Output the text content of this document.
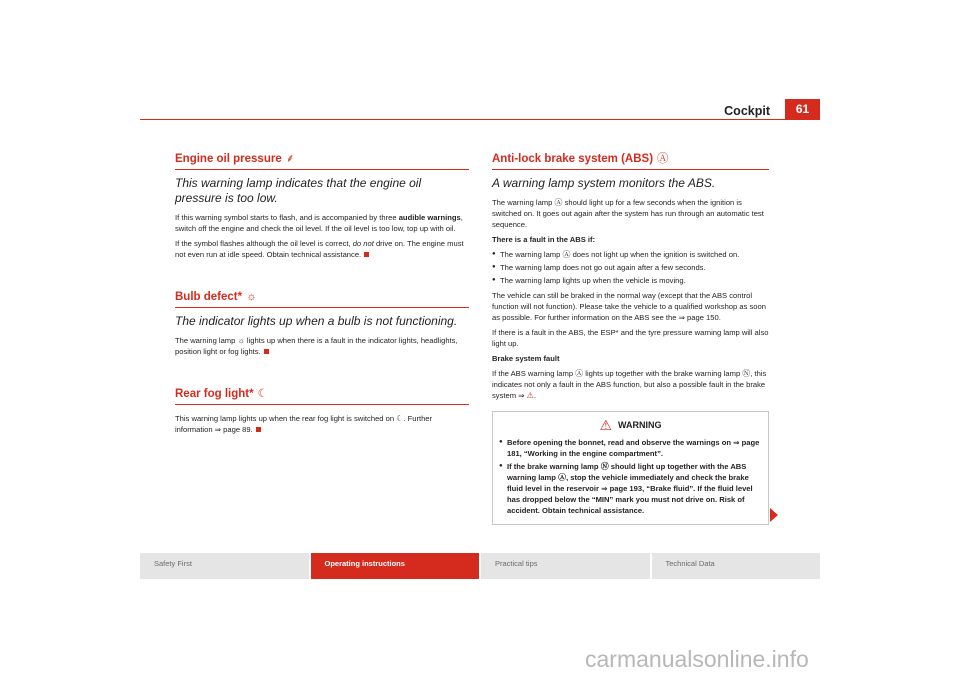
Cockpit	61
Engine oil pressure ⸙
This warning lamp indicates that the engine oil pressure is too low.

If this warning symbol starts to flash, and is accompanied by three audible warnings, switch off the engine and check the oil level. If the oil level is too low, top up with oil.

If the symbol flashes although the oil level is correct, do not drive on. The engine must not even run at idle speed. Obtain technical assistance.

Bulb defect* ☼
The indicator lights up when a bulb is not functioning.

The warning lamp ☼ lights up when there is a fault in the indicator lights, headlights, position light or fog lights.

Rear fog light* ☾

This warning lamp lights up when the rear fog light is switched on ☾. Further information ⇒ page 89.

Anti-lock brake system (ABS) Ⓐ
A warning lamp system monitors the ABS.

The warning lamp Ⓐ should light up for a few seconds when the ignition is switched on. It goes out again after the system has run through an automatic test sequence.

There is a fault in the ABS if:

● The warning lamp Ⓐ does not light up when the ignition is switched on.
● The warning lamp does not go out again after a few seconds.
● The warning lamp lights up when the vehicle is moving.

The vehicle can still be braked in the normal way (except that the ABS control function will not function). Please take the vehicle to a qualified workshop as soon as possible. For further information on the ABS see the ⇒ page 150.

If there is a fault in the ABS, the ESP* and the tyre pressure warning lamp will also light up.

Brake system fault

If the ABS warning lamp Ⓐ lights up together with the brake warning lamp Ⓝ, this indicates not only a fault in the ABS function, but also a possible fault in the brake system ⇒ ⚠.

⚠ WARNING
● Before opening the bonnet, read and observe the warnings on ⇒ page 181, “Working in the engine compartment”.
● If the brake warning lamp Ⓝ should light up together with the ABS warning lamp Ⓐ, stop the vehicle immediately and check the brake fluid level in the reservoir ⇒ page 193, “Brake fluid”. If the fluid level has dropped below the “MIN” mark you must not drive on. Risk of accident. Obtain technical assistance.
Safety First	Operating instructions	Practical tips	Technical Data
carmanualsonline.info
